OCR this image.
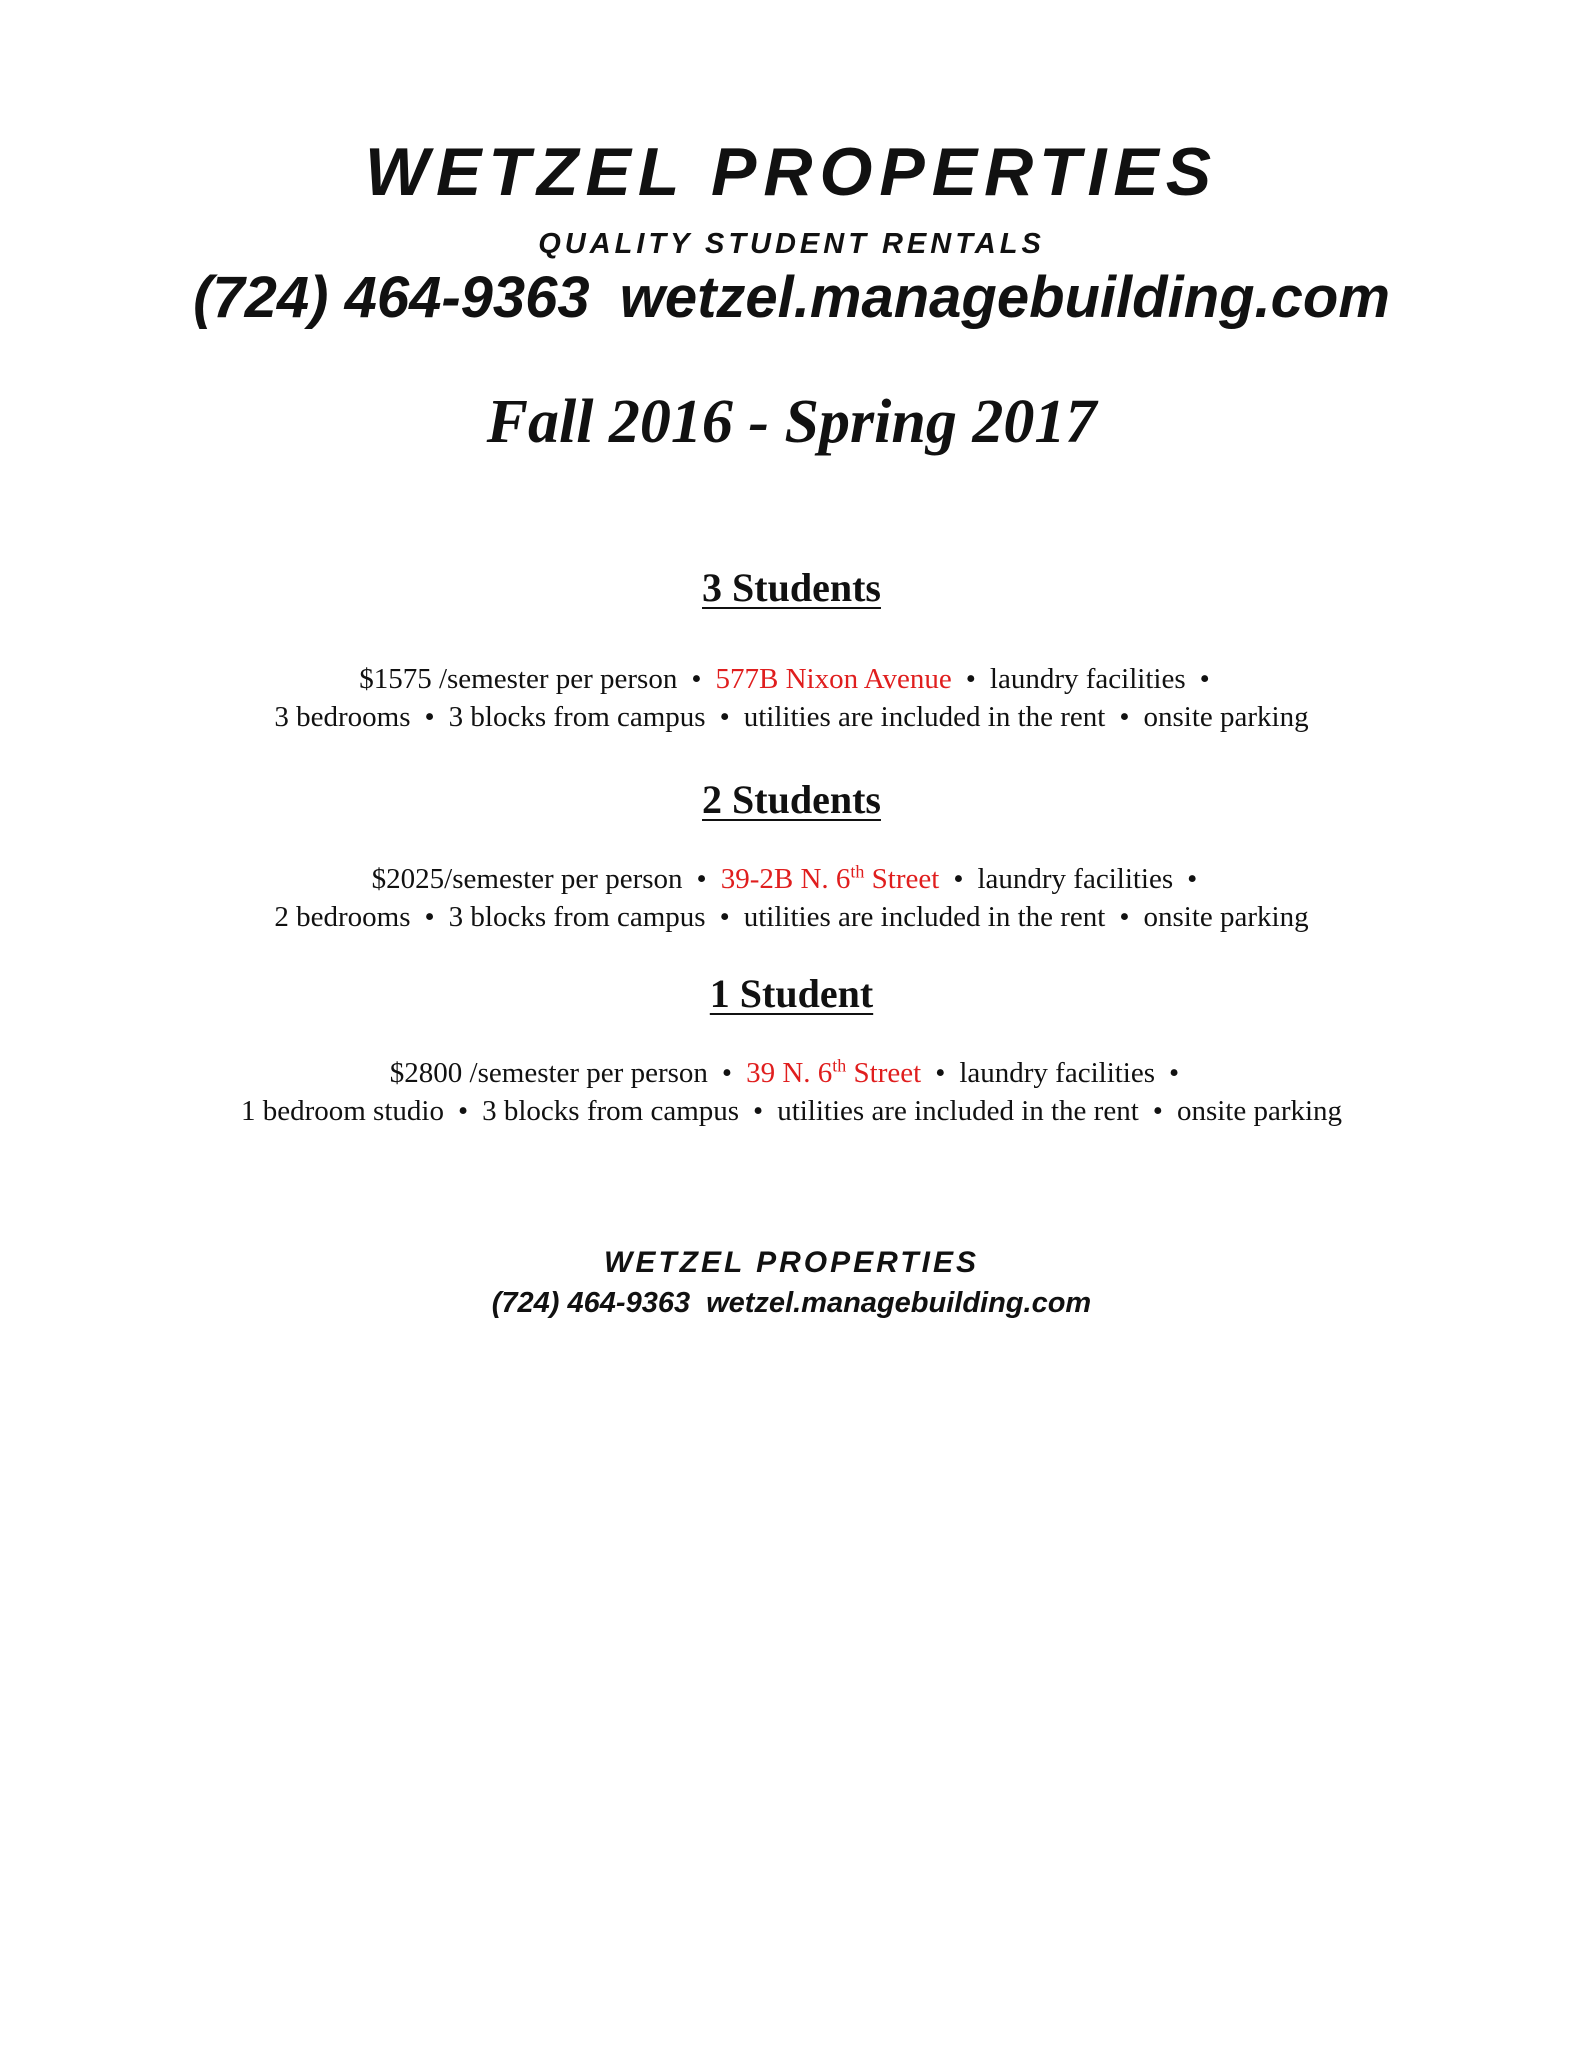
WETZEL PROPERTIES
QUALITY STUDENT RENTALS
(724) 464-9363 wetzel.managebuilding.com
Fall 2016 - Spring 2017
3 Students
$1575 /semester per person • 577B Nixon Avenue • laundry facilities •
3 bedrooms • 3 blocks from campus • utilities are included in the rent • onsite parking
2 Students
$2025/semester per person • 39-2B N. 6th Street • laundry facilities •
2 bedrooms • 3 blocks from campus • utilities are included in the rent • onsite parking
1 Student
$2800 /semester per person • 39 N. 6th Street • laundry facilities •
1 bedroom studio • 3 blocks from campus • utilities are included in the rent • onsite parking
WETZEL PROPERTIES
(724) 464-9363 wetzel.managebuilding.com
